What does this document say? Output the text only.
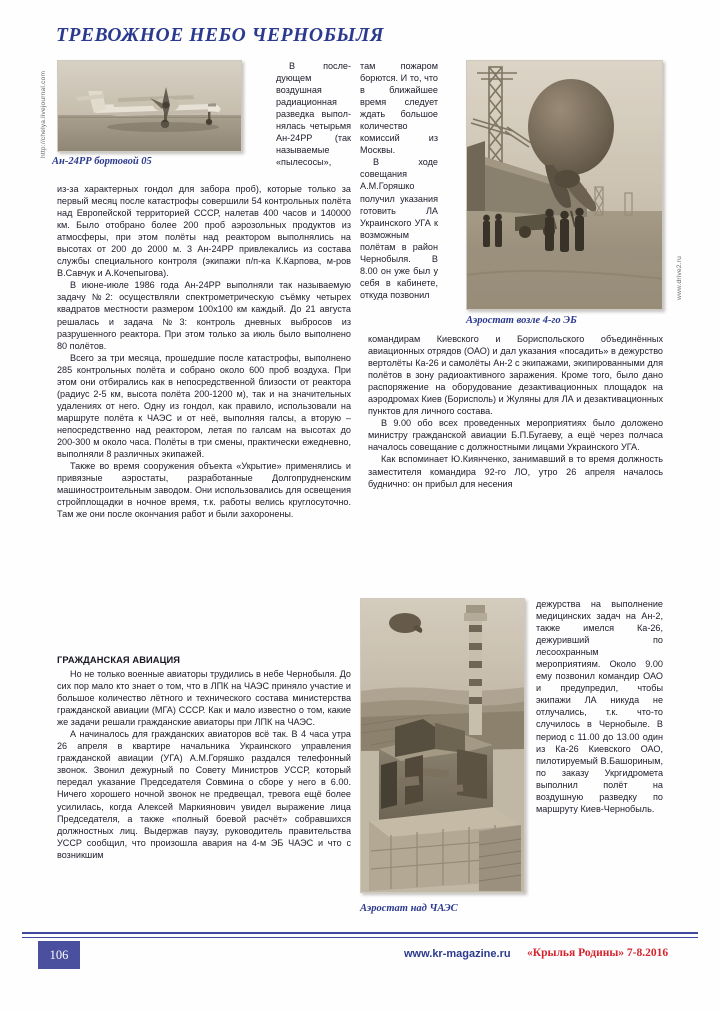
ТРЕВОЖНОЕ НЕБО ЧЕРНОБЫЛЯ
http://chelya.livejournal.com
Ан-24РР бортовой 05
www.drive2.ru
Аэростат возле 4-го ЭБ
Аэростат над ЧАЭС

В после-дующем воздушная радиационная разведка выпол-нялась четырьмя Ан-24РР (так называемые «пылесосы»,

там пожаром борются. И то, что в ближайшее время следует ждать большое количество комиссий из Москвы.

В ходе совещания А.М.Горяшко получил указания готовить ЛА Украинского УГА к возможным полётам в район Чернобыля. В 8.00 он уже был у себя в кабинете, откуда позвонил

из-за характерных гондол для забора проб), которые только за первый месяц после катастрофы совершили 54 контрольных полёта над Европейской территорией СССР, налетав 400 часов и 140000 км. Было отобрано более 200 проб аэрозольных продуктов из атмосферы, при этом полёты над реактором выполнялись на высотах от 200 до 2000 м. 3 Ан-24РР привлекались из состава службы специального контроля (экипажи п/п-ка К.Карпова, м-ров В.Савчук и А.Кочепыгова).

В июне-июле 1986 года Ан-24РР выполняли так называемую задачу №2: осуществляли спектрометрическую съёмку четырех квадратов местности размером 100х100 км каждый. До 21 августа решалась и задача №3: контроль дневных выбросов из разрушенного реактора. При этом только за июль было выполнено 80 полётов.

Всего за три месяца, прошедшие после катастрофы, выполнено 285 контрольных полёта и собрано около 600 проб воздуха. При этом они отбирались как в непосредственной близости от реактора (радиус 2-5 км, высота полёта 200-1200 м), так и на значительных удалениях от него. Одну из гондол, как правило, использовали на маршруте полёта к ЧАЭС и от неё, выполняя галсы, а вторую – непосредственно над реактором, летая по галсам на высотах до 200-300 м около часа. Полёты в три смены, практически ежедневно, выполняли 8 различных экипажей.

Также во время сооружения объекта «Укрытие» применялись и привязные аэростаты, разработанные Долгопрудненским машиностроительным заводом. Они использовались для освещения стройплощадки в ночное время, т.к. работы велись круглосуточно. Там же они после окончания работ и были захоронены.

ГРАЖДАНСКАЯ АВИАЦИЯ

Но не только военные авиаторы трудились в небе Чернобыля. До сих пор мало кто знает о том, что в ЛПК на ЧАЭС приняло участие и большое количество лётного и технического состава министерства гражданской авиации (МГА) СССР. Как и мало известно о том, какие же задачи решали гражданские авиаторы при ЛПК на ЧАЭС.

А начиналось для гражданских авиаторов всё так. В 4 часа утра 26 апреля в квартире начальника Украинского управления гражданской авиации (УГА) А.М.Горяшко раздался телефонный звонок. Звонил дежурный по Совету Министров УССР, который передал указание Председателя Совмина о сборе у него в 6.00. Ничего хорошего ночной звонок не предвещал, тревога ещё более усилилась, когда Алексей Маркиянович увидел выражение лица Председателя, а также «полный боевой расчёт» собравшихся должностных лиц. Выдержав паузу, руководитель правительства УССР сообщил, что произошла авария на 4-м ЭБ ЧАЭС и что с возникшим

командирам Киевского и Бориспольского объединённых авиационных отрядов (ОАО) и дал указания «посадить» в дежурство вертолёты Ка-26 и самолёты Ан-2 с экипажами, экипированными для полётов в зону радиоактивного заражения. Кроме того, было дано распоряжение на оборудование дезактивационных площадок на аэродромах Киев (Борисполь) и Жуляны для ЛА и дезактивационных пунктов для личного состава.

В 9.00 обо всех проведенных мероприятиях было доложено министру гражданской авиации Б.П.Бугаеву, а ещё через полчаса началось совещание с должностными лицами Украинского УГА.

Как вспоминает Ю.Киянченко, занимавший в то время должность заместителя командира 92-го ЛО, утро 26 апреля началось буднично: он прибыл для несения

дежурства на выполнение медицинских задач на Ан-2, также имелся Ка-26, дежуривший по лесоохранным мероприятиям. Около 9.00 ему позвонил командир ОАО и предупредил, чтобы экипажи ЛА никуда не отлучались, т.к. что-то случилось в Чернобыле. В период с 11.00 до 13.00 один из Ка-26 Киевского ОАО, пилотируемый В.Башориным, по заказу Укргидромета выполнил полёт на воздушную разведку по маршруту Киев-Чернобыль.

106	www.kr-magazine.ru «Крылья Родины» 7-8.2016
